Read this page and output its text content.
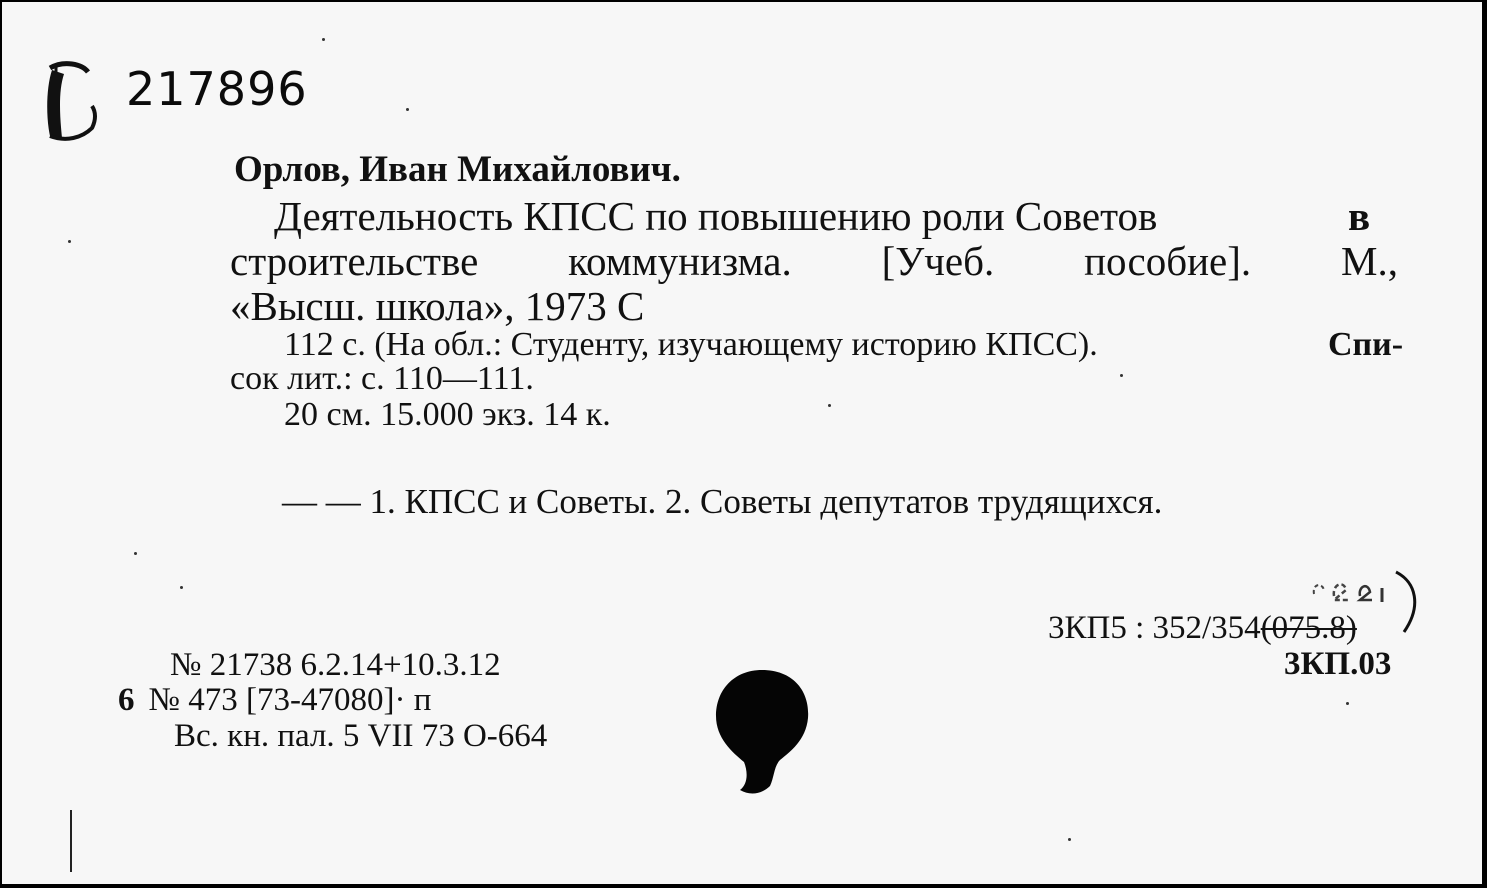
217896
Орлов, Иван Михайлович.
Деятельность КПСС по повышению роли Советов	в
строительстве коммунизма. [Учеб. пособие]. М.,
«Высш. школа», 1973 С
112 с. (На обл.: Студенту, изучающему историю КПСС).	Спи-
сок лит.: с. 110—111.
20 см. 15.000 экз. 14 к.
— — 1. КПСС и Советы. 2. Советы депутатов трудящихся.
3КП5 : 352/354(075.8)
3КП.03
№ 21738 6.2.14+10.3.12
6 № 473 [73-47080]· п
Вс. кн. пал. 5 VII 73 О-664
